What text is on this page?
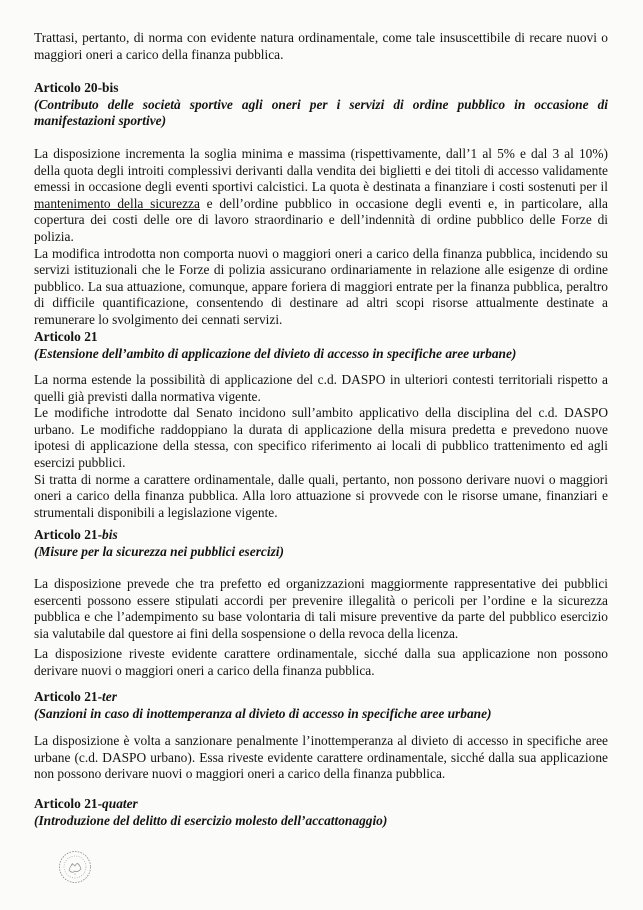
Trattasi, pertanto, di norma con evidente natura ordinamentale, come tale insuscettibile di recare nuovi o maggiori oneri a carico della finanza pubblica.

Articolo 20-bis

(Contributo delle società sportive agli oneri per i servizi di ordine pubblico in occasione di manifestazioni sportive)

La disposizione incrementa la soglia minima e massima (rispettivamente, dall’1 al 5% e dal 3 al 10%) della quota degli introiti complessivi derivanti dalla vendita dei biglietti e dei titoli di accesso validamente emessi in occasione degli eventi sportivi calcistici. La quota è destinata a finanziare i costi sostenuti per il mantenimento della sicurezza e dell’ordine pubblico in occasione degli eventi e, in particolare, alla copertura dei costi delle ore di lavoro straordinario e dell’indennità di ordine pubblico delle Forze di polizia.

La modifica introdotta non comporta nuovi o maggiori oneri a carico della finanza pubblica, incidendo su servizi istituzionali che le Forze di polizia assicurano ordinariamente in relazione alle esigenze di ordine pubblico. La sua attuazione, comunque, appare foriera di maggiori entrate per la finanza pubblica, peraltro di difficile quantificazione, consentendo di destinare ad altri scopi risorse attualmente destinate a remunerare lo svolgimento dei cennati servizi.

Articolo 21

(Estensione dell’ambito di applicazione del divieto di accesso in specifiche aree urbane)

La norma estende la possibilità di applicazione del c.d. DASPO in ulteriori contesti territoriali rispetto a quelli già previsti dalla normativa vigente.

Le modifiche introdotte dal Senato incidono sull’ambito applicativo della disciplina del c.d. DASPO urbano. Le modifiche raddoppiano la durata di applicazione della misura predetta e prevedono nuove ipotesi di applicazione della stessa, con specifico riferimento ai locali di pubblico trattenimento ed agli esercizi pubblici.

Si tratta di norme a carattere ordinamentale, dalle quali, pertanto, non possono derivare nuovi o maggiori oneri a carico della finanza pubblica. Alla loro attuazione si provvede con le risorse umane, finanziari e strumentali disponibili a legislazione vigente.

Articolo 21-bis

(Misure per la sicurezza nei pubblici esercizi)

La disposizione prevede che tra prefetto ed organizzazioni maggiormente rappresentative dei pubblici esercenti possono essere stipulati accordi per prevenire illegalità o pericoli per l’ordine e la sicurezza pubblica e che l’adempimento su base volontaria di tali misure preventive da parte del pubblico esercizio sia valutabile dal questore ai fini della sospensione o della revoca della licenza.

La disposizione riveste evidente carattere ordinamentale, sicché dalla sua applicazione non possono derivare nuovi o maggiori oneri a carico della finanza pubblica.

Articolo 21-ter

(Sanzioni in caso di inottemperanza al divieto di accesso in specifiche aree urbane)

La disposizione è volta a sanzionare penalmente l’inottemperanza al divieto di accesso in specifiche aree urbane (c.d. DASPO urbano). Essa riveste evidente carattere ordinamentale, sicché dalla sua applicazione non possono derivare nuovi o maggiori oneri a carico della finanza pubblica.

Articolo 21-quater

(Introduzione del delitto di esercizio molesto dell’accattonaggio)
